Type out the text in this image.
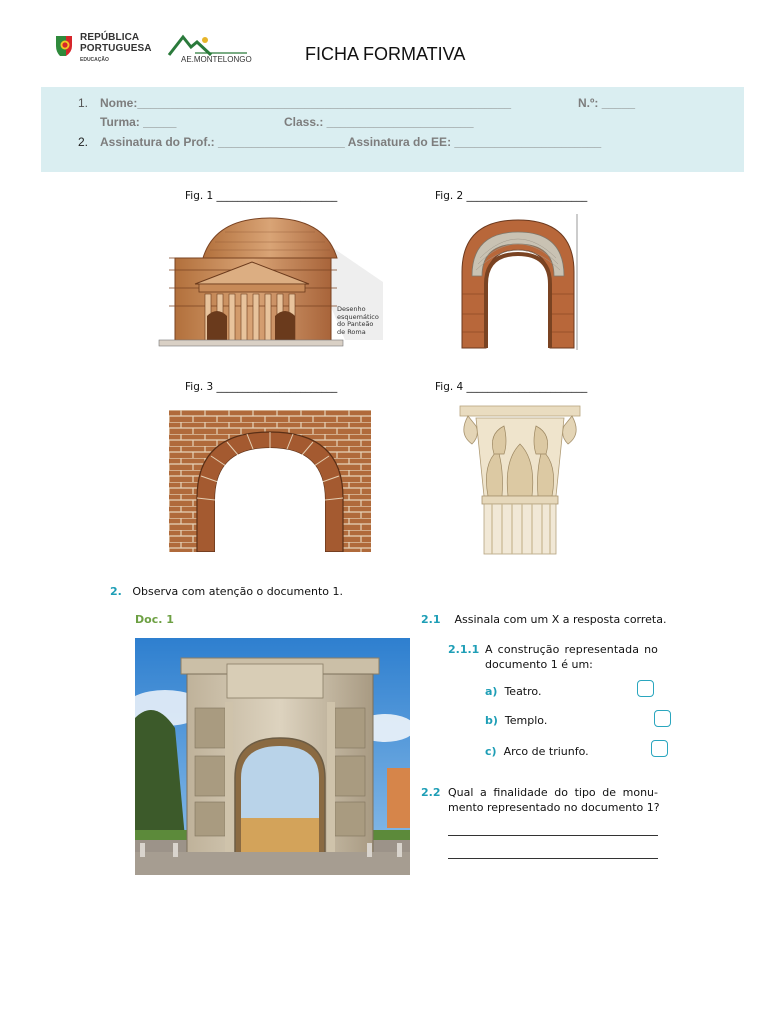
REPÚBLICA
PORTUGUESA
EDUCAÇÃO	AE.MONTELONGO	FICHA FORMATIVA
1. Nome:________________________________________________________	N.º: _____
Turma: _____	Class.: ______________________
2. Assinatura do Prof.: ___________________ Assinatura do EE: ______________________
Fig. 1 _______________________	Fig. 2 _______________________
Fig. 3 _______________________	Fig. 4 _______________________
Desenho
esquemático
do Panteão
de Roma
2. Observa com atenção o documento 1.
Doc. 1	2.1 Assinala com um X a resposta correta.
2.1.1 A construção representada no
documento 1 é um:
a) Teatro.
b) Templo.
c) Arco de triunfo.
2.2 Qual a finalidade do tipo de monu-
mento representado no documento 1?
